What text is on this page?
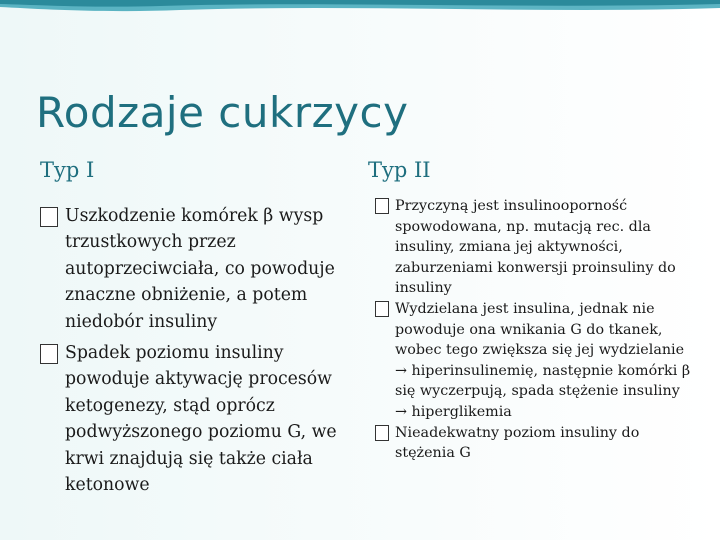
Rodzaje cukrzycy
Typ I	Typ II
Uszkodzenie komórek β wysp trzustkowych przez autoprzeciwciała, co powoduje znaczne obniżenie, a potem niedobór insuliny
Spadek poziomu insuliny powoduje aktywację procesów ketogenezy, stąd oprócz podwyższonego poziomu G, we krwi znajdują się także ciała ketonowe
Przyczyną jest insulinooporność spowodowana, np. mutacją rec. dla insuliny, zmiana jej aktywności, zaburzeniami konwersji proinsuliny do insuliny
Wydzielana jest insulina, jednak nie powoduje ona wnikania G do tkanek, wobec tego zwiększa się jej wydzielanie → hiperinsulinemię, następnie komórki β się wyczerpują, spada stężenie insuliny → hiperglikemia
Nieadekwatny poziom insuliny do stężenia G
